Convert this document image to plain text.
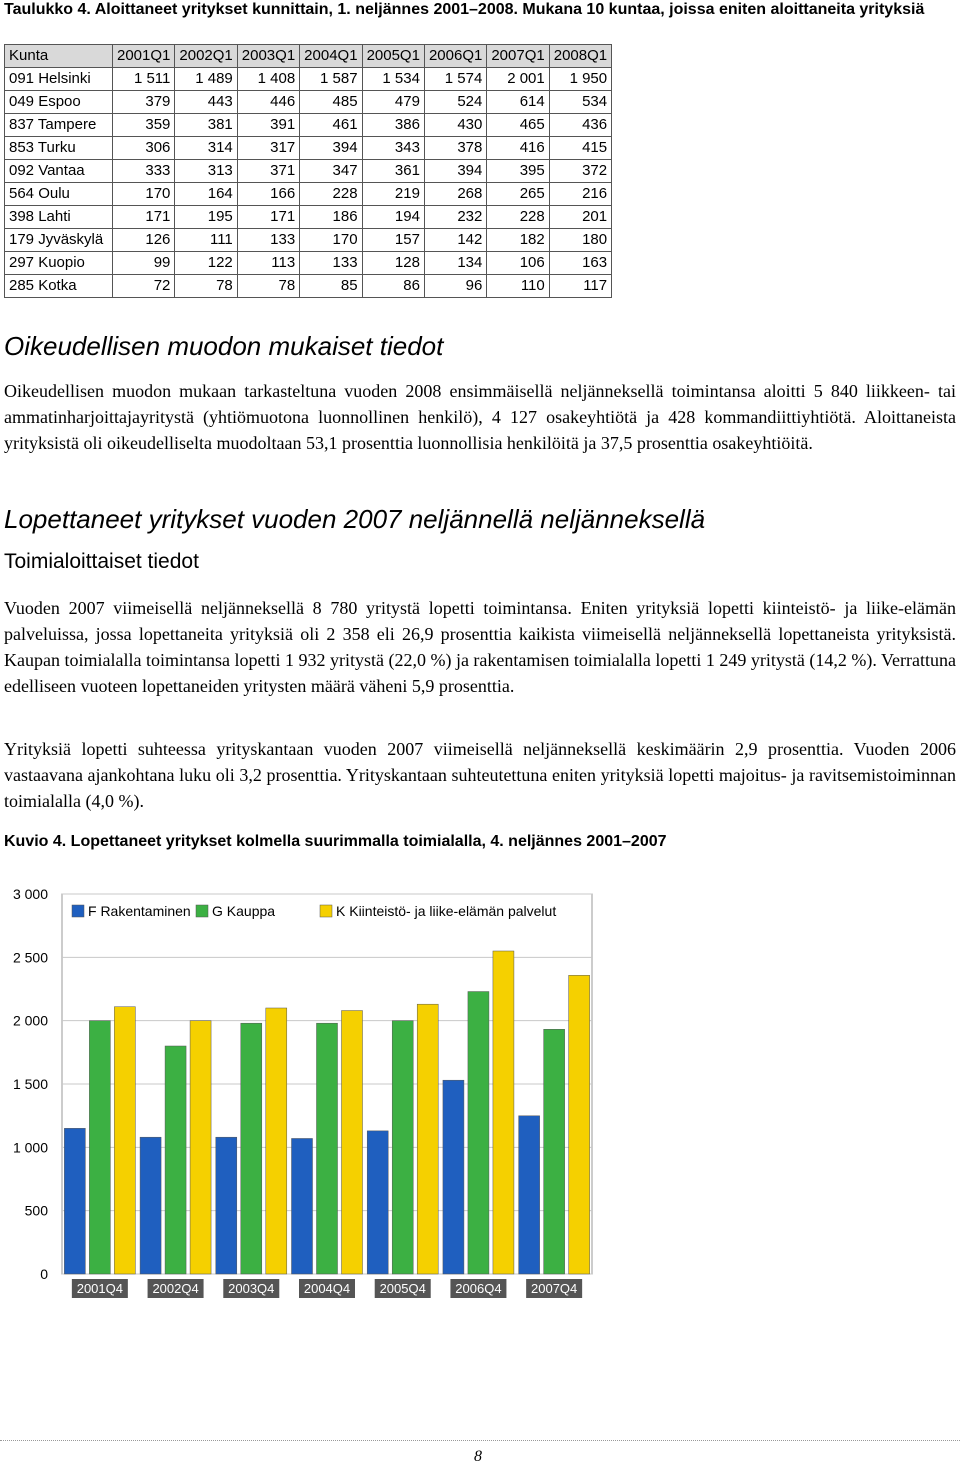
Taulukko 4. Aloittaneet yritykset kunnittain, 1. neljännes 2001–2008. Mukana 10 kuntaa, joissa eniten aloittaneita yrityksiä
Kunta	2001Q1	2002Q1	2003Q1	2004Q1	2005Q1	2006Q1	2007Q1	2008Q1
091 Helsinki	1 511	1 489	1 408	1 587	1 534	1 574	2 001	1 950
049 Espoo	379	443	446	485	479	524	614	534
837 Tampere	359	381	391	461	386	430	465	436
853 Turku	306	314	317	394	343	378	416	415
092 Vantaa	333	313	371	347	361	394	395	372
564 Oulu	170	164	166	228	219	268	265	216
398 Lahti	171	195	171	186	194	232	228	201
179 Jyväskylä	126	111	133	170	157	142	182	180
297 Kuopio	99	122	113	133	128	134	106	163
285 Kotka	72	78	78	85	86	96	110	117
Oikeudellisen muodon mukaiset tiedot

Oikeudellisen muodon mukaan tarkasteltuna vuoden 2008 ensimmäisellä neljänneksellä toimintansa aloitti 5 840 liikkeen- tai ammatinharjoittajayritystä (yhtiömuotona luonnollinen henkilö), 4 127 osakeyhtiötä ja 428 kommandiittiyhtiötä. Aloittaneista yrityksistä oli oikeudelliselta muodoltaan 53,1 prosenttia luonnollisia henkilöitä ja 37,5 prosenttia osakeyhtiöitä.

Lopettaneet yritykset vuoden 2007 neljännellä neljänneksellä
Toimialoittaiset tiedot

Vuoden 2007 viimeisellä neljänneksellä 8 780 yritystä lopetti toimintansa. Eniten yrityksiä lopetti kiinteistö- ja liike-elämän palveluissa, jossa lopettaneita yrityksiä oli 2 358 eli 26,9 prosenttia kaikista viimeisellä neljänneksellä lopettaneista yrityksistä. Kaupan toimialalla toimintansa lopetti 1 932 yritystä (22,0 %) ja rakentamisen toimialalla lopetti 1 249 yritystä (14,2 %). Verrattuna edelliseen vuoteen lopettaneiden yritysten määrä väheni 5,9 prosenttia.

Yrityksiä lopetti suhteessa yrityskantaan vuoden 2007 viimeisellä neljänneksellä keskimäärin 2,9 prosenttia. Vuoden 2006 vastaavana ajankohtana luku oli 3,2 prosenttia. Yrityskantaan suhteutettuna eniten yrityksiä lopetti majoitus- ja ravitsemistoiminnan toimialalla (4,0 %).

Kuvio 4. Lopettaneet yritykset kolmella suurimmalla toimialalla, 4. neljännes 2001–2007
0
500
1 000
1 500
2 000
2 500
3 000
2001Q4 2002Q4 2003Q4 2004Q4 2005Q4 2006Q4 2007Q4
F Rakentaminen G Kauppa	K Kiinteistö- ja liike-elämän palvelut
8
